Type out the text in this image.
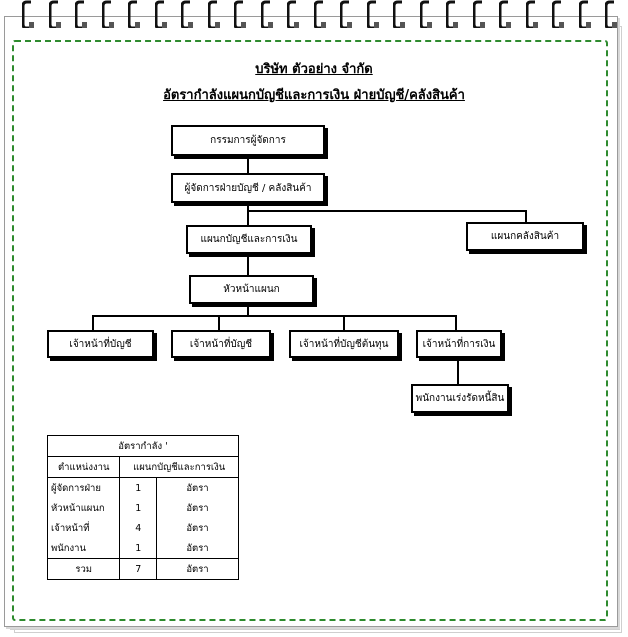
บริษัท ตัวอย่าง จำกัด
อัตรากำลังแผนกบัญชีและการเงิน ฝ่ายบัญชี/คลังสินค้า
กรรมการผู้จัดการ
ผู้จัดการฝ่ายบัญชี / คลังสินค้า
แผนกบัญชีและการเงิน	แผนกคลังสินค้า
หัวหน้าแผนก
เจ้าหน้าที่บัญชี	เจ้าหน้าที่บัญชี	เจ้าหน้าที่บัญชีต้นทุน	เจ้าหน้าที่การเงิน
พนักงานเร่งรัดหนี้สิน
อัตรากำลัง '		
ตำแหน่งงาน	แผนกบัญชีและการเงิน	
ผู้จัดการฝ่าย	1	อัตรา
หัวหน้าแผนก	1	อัตรา
เจ้าหน้าที่	4	อัตรา
พนักงาน	1	อัตรา
รวม	7	อัตรา
